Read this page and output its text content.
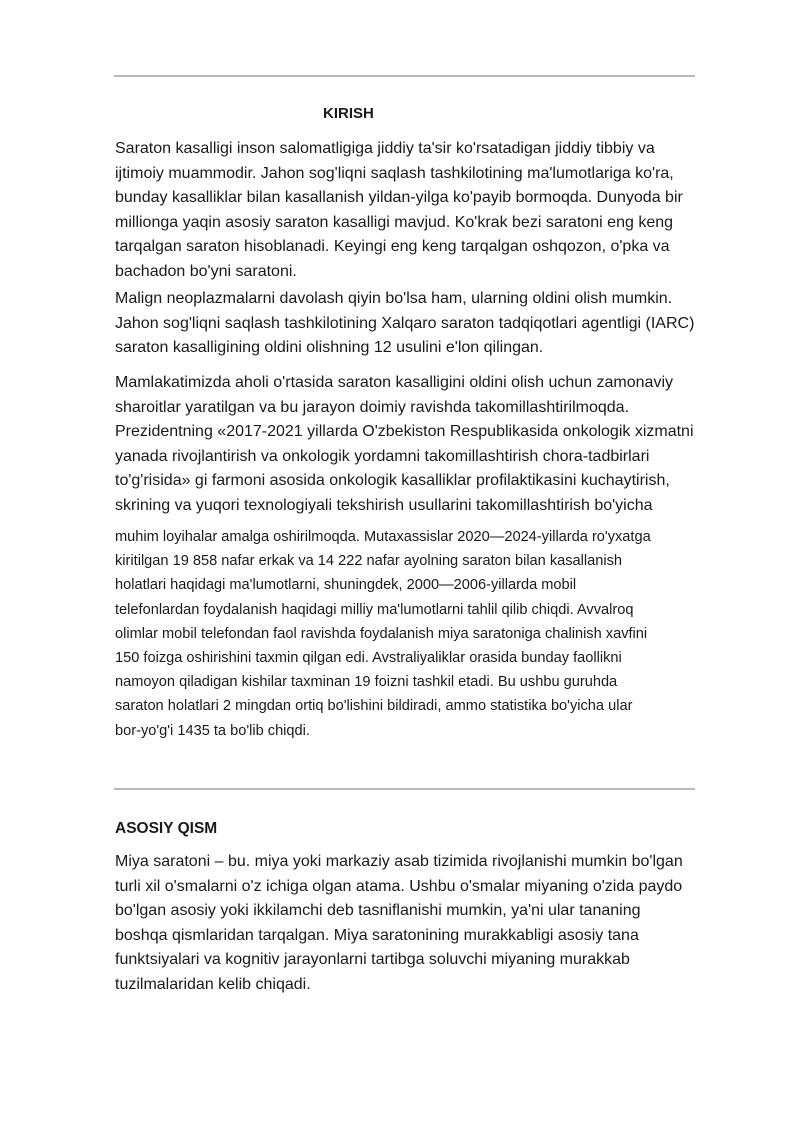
KIRISH

Saraton kasalligi inson salomatligiga jiddiy ta'sir ko'rsatadigan jiddiy tibbiy va
ijtimoiy muammodir. Jahon sog'liqni saqlash tashkilotining ma'lumotlariga ko'ra,
bunday kasalliklar bilan kasallanish yildan-yilga ko'payib bormoqda. Dunyoda bir
millionga yaqin asosiy saraton kasalligi mavjud. Ko'krak bezi saratoni eng keng
tarqalgan saraton hisoblanadi. Keyingi eng keng tarqalgan oshqozon, o'pka va
bachadon bo'yni saratoni.

Malign neoplazmalarni davolash qiyin bo'lsa ham, ularning oldini olish mumkin.
Jahon sog'liqni saqlash tashkilotining Xalqaro saraton tadqiqotlari agentligi (IARC)
saraton kasalligining oldini olishning 12 usulini e'lon qilingan.

Mamlakatimizda aholi o'rtasida saraton kasalligini oldini olish uchun zamonaviy
sharoitlar yaratilgan va bu jarayon doimiy ravishda takomillashtirilmoqda.
Prezidentning «2017-2021 yillarda O'zbekiston Respublikasida onkologik xizmatni
yanada rivojlantirish va onkologik yordamni takomillashtirish chora-tadbirlari
to'g'risida» gi farmoni asosida onkologik kasalliklar profilaktikasini kuchaytirish,
skrining va yuqori texnologiyali tekshirish usullarini takomillashtirish bo'yicha

muhim loyihalar amalga oshirilmoqda. Mutaxassislar 2020—2024-yillarda ro'yxatga
kiritilgan 19 858 nafar erkak va 14 222 nafar ayolning saraton bilan kasallanish
holatlari haqidagi ma'lumotlarni, shuningdek, 2000—2006-yillarda mobil
telefonlardan foydalanish haqidagi milliy ma'lumotlarni tahlil qilib chiqdi. Avvalroq
olimlar mobil telefondan faol ravishda foydalanish miya saratoniga chalinish xavfini
150 foizga oshirishini taxmin qilgan edi. Avstraliyaliklar orasida bunday faollikni
namoyon qiladigan kishilar taxminan 19 foizni tashkil etadi. Bu ushbu guruhda
saraton holatlari 2 mingdan ortiq bo'lishini bildiradi, ammo statistika bo'yicha ular
bor-yo'g'i 1435 ta bo'lib chiqdi.

ASOSIY QISM

Miya saratoni – bu. miya yoki markaziy asab tizimida rivojlanishi mumkin bo'lgan
turli xil o'smalarni o'z ichiga olgan atama. Ushbu o'smalar miyaning o'zida paydo
bo'lgan asosiy yoki ikkilamchi deb tasniflanishi mumkin, ya'ni ular tananing
boshqa qismlaridan tarqalgan. Miya saratonining murakkabligi asosiy tana
funktsiyalari va kognitiv jarayonlarni tartibga soluvchi miyaning murakkab
tuzilmalaridan kelib chiqadi.
